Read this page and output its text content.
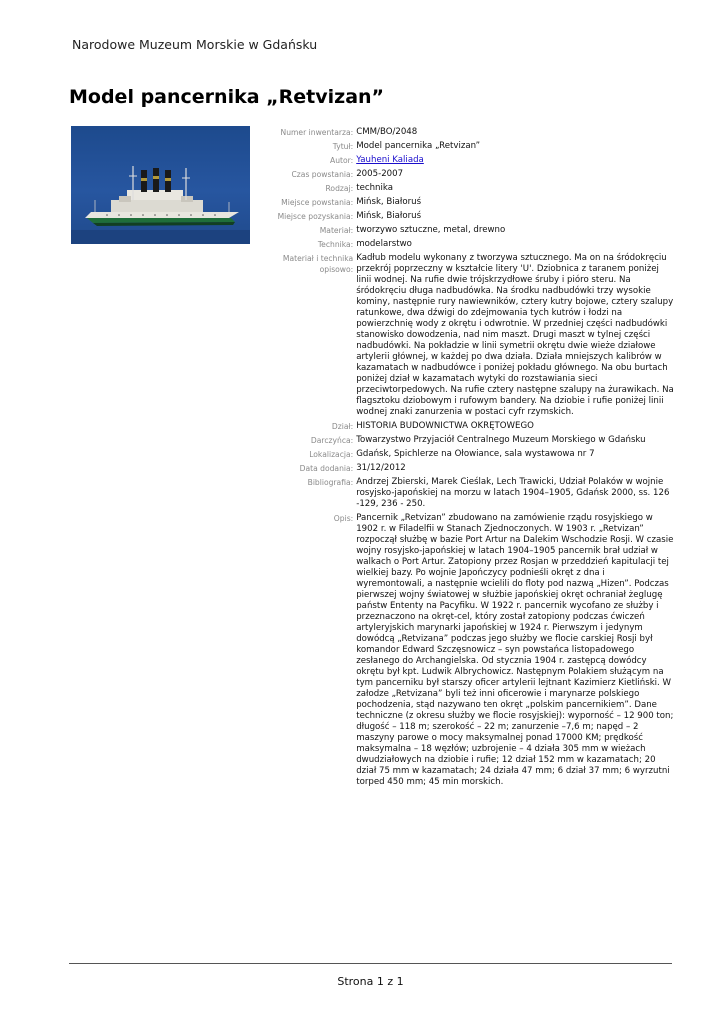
Narodowe Muzeum Morskie w Gdańsku
Model pancernika „Retvizan”
Numer inwentarza:	CMM/BO/2048

Tytuł:	Model pancernika „Retvizan”

Autor:	Yauheni Kaliada

Czas powstania:	2005-2007

Rodzaj:	technika

Miejsce powstania:	Mińsk, Białoruś

Miejsce pozyskania:	Mińsk, Białoruś

Materiał:	tworzywo sztuczne, metal, drewno

Technika:	modelarstwo

Materiał i technika opisowo:	Kadłub modelu wykonany z tworzywa sztucznego. Ma on na śródokręciu przekrój poprzeczny w kształcie litery 'U'. Dziobnica z taranem poniżej linii wodnej. Na rufie dwie trójskrzydłowe śruby i pióro steru. Na śródokręciu długa nadbudówka. Na środku nadbudówki trzy wysokie kominy, następnie rury nawiewników, cztery kutry bojowe, cztery szalupy ratunkowe, dwa dźwigi do zdejmowania tych kutrów i łodzi na powierzchnię wody z okrętu i odwrotnie. W przedniej części nadbudówki stanowisko dowodzenia, nad nim maszt. Drugi maszt w tylnej części nadbudówki. Na pokładzie w linii symetrii okrętu dwie wieże działowe artylerii głównej, w każdej po dwa działa. Działa mniejszych kalibrów w kazamatach w nadbudówce i poniżej pokładu głównego. Na obu burtach poniżej dział w kazamatach wytyki do rozstawiania sieci przeciwtorpedowych. Na rufie cztery następne szalupy na żurawikach. Na flagsztoku dziobowym i rufowym bandery. Na dziobie i rufie poniżej linii wodnej znaki zanurzenia w postaci cyfr rzymskich.

Dział:	HISTORIA BUDOWNICTWA OKRĘTOWEGO

Darczyńca:	Towarzystwo Przyjaciół Centralnego Muzeum Morskiego w Gdańsku

Lokalizacja:	Gdańsk, Spichlerze na Ołowiance, sala wystawowa nr 7

Data dodania:	31/12/2012

Bibliografia:	Andrzej Zbierski, Marek Cieślak, Lech Trawicki, Udział Polaków w wojnie rosyjsko-japońskiej na morzu w latach 1904–1905, Gdańsk 2000, ss. 126 -129, 236 - 250.

Opis:	Pancernik „Retvizan” zbudowano na zamówienie rządu rosyjskiego w 1902 r. w Filadelfii w Stanach Zjednoczonych. W 1903 r. „Retvizan” rozpoczął służbę w bazie Port Artur na Dalekim Wschodzie Rosji. W czasie wojny rosyjsko-japońskiej w latach 1904–1905 pancernik brał udział w walkach o Port Artur. Zatopiony przez Rosjan w przeddzień kapitulacji tej wielkiej bazy. Po wojnie Japończycy podnieśli okręt z dna i wyremontowali, a następnie wcielili do floty pod nazwą „Hizen”. Podczas pierwszej wojny światowej w służbie japońskiej okręt ochraniał żeglugę państw Ententy na Pacyfiku. W 1922 r. pancernik wycofano ze służby i przeznaczono na okręt-cel, który został zatopiony podczas ćwiczeń artyleryjskich marynarki japońskiej w 1924 r. Pierwszym i jedynym dowódcą „Retvizana” podczas jego służby we flocie carskiej Rosji był komandor Edward Szczęsnowicz – syn powstańca listopadowego zesłanego do Archangielska. Od stycznia 1904 r. zastępcą dowódcy okrętu był kpt. Ludwik Albrychowicz. Następnym Polakiem służącym na tym pancerniku był starszy oficer artylerii lejtnant Kazimierz Kietliński. W załodze „Retvizana” byli też inni oficerowie i marynarze polskiego pochodzenia, stąd nazywano ten okręt „polskim pancernikiem”. Dane techniczne (z okresu służby we flocie rosyjskiej): wyporność – 12 900 ton; długość – 118 m; szerokość – 22 m; zanurzenie –7,6 m; napęd – 2 maszyny parowe o mocy maksymalnej ponad 17000 KM; prędkość maksymalna – 18 węzłów; uzbrojenie – 4 działa 305 mm w wieżach dwudziałowych na dziobie i rufie; 12 dział 152 mm w kazamatach; 20 dział 75 mm w kazamatach; 24 działa 47 mm; 6 dział 37 mm; 6 wyrzutni torped 450 mm; 45 min morskich.
Strona 1 z 1
